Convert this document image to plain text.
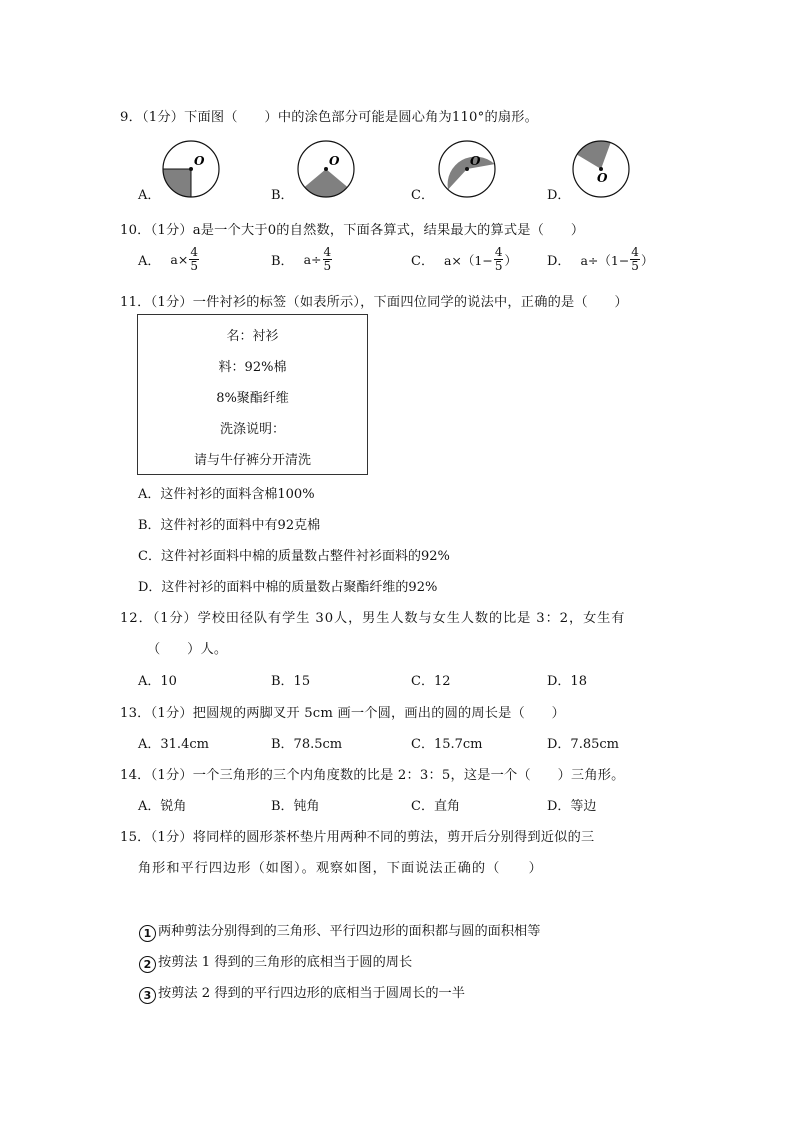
9．（1分）下面图（　　）中的涂色部分可能是圆心角为110°的扇形。
A．
O
B．
O
C．
O
D．
O
10．（1分）a是一个大于0的自然数，下面各算式，结果最大的算式是（　　）
A． $a\times \frac{4}{5}$	B． $a\div \frac{4}{5}$	C． $a\times(1- \frac{4}{5}$ ） D． $a\div(1- \frac{4}{5}$ ）
11．（1分）一件衬衫的标签（如表所示），下面四位同学的说法中，正确的是（　　）
名：衬衫
料：92%棉
8%聚酯纤维
洗涤说明：
请与牛仔裤分开清洗
A．这件衬衫的面料含棉100%
B．这件衬衫的面料中有92克棉
C．这件衬衫面料中棉的质量数占整件衬衫面料的92%
D．这件衬衫的面料中棉的质量数占聚酯纤维的92%
12．（1分）学校田径队有学生 30人，男生人数与女生人数的比是 3：2，女生有
（　　）人。
A．10	B．15	C．12	D．18
13．（1分）把圆规的两脚叉开 5cm 画一个圆，画出的圆的周长是（　　）
A．31.4cm	B．78.5cm	C．15.7cm	D．7.85cm
14．（1分）一个三角形的三个内角度数的比是 2：3：5，这是一个（　　）三角形。
A．锐角	B．钝角	C．直角	D．等边
15．（1分）将同样的圆形茶杯垫片用两种不同的剪法，剪开后分别得到近似的三
角形和平行四边形（如图）。观察如图，下面说法正确的（　　）
1 两种剪法分别得到的三角形、平行四边形的面积都与圆的面积相等
2 按剪法 1 得到的三角形的底相当于圆的周长
3 按剪法 2 得到的平行四边形的底相当于圆周长的一半
